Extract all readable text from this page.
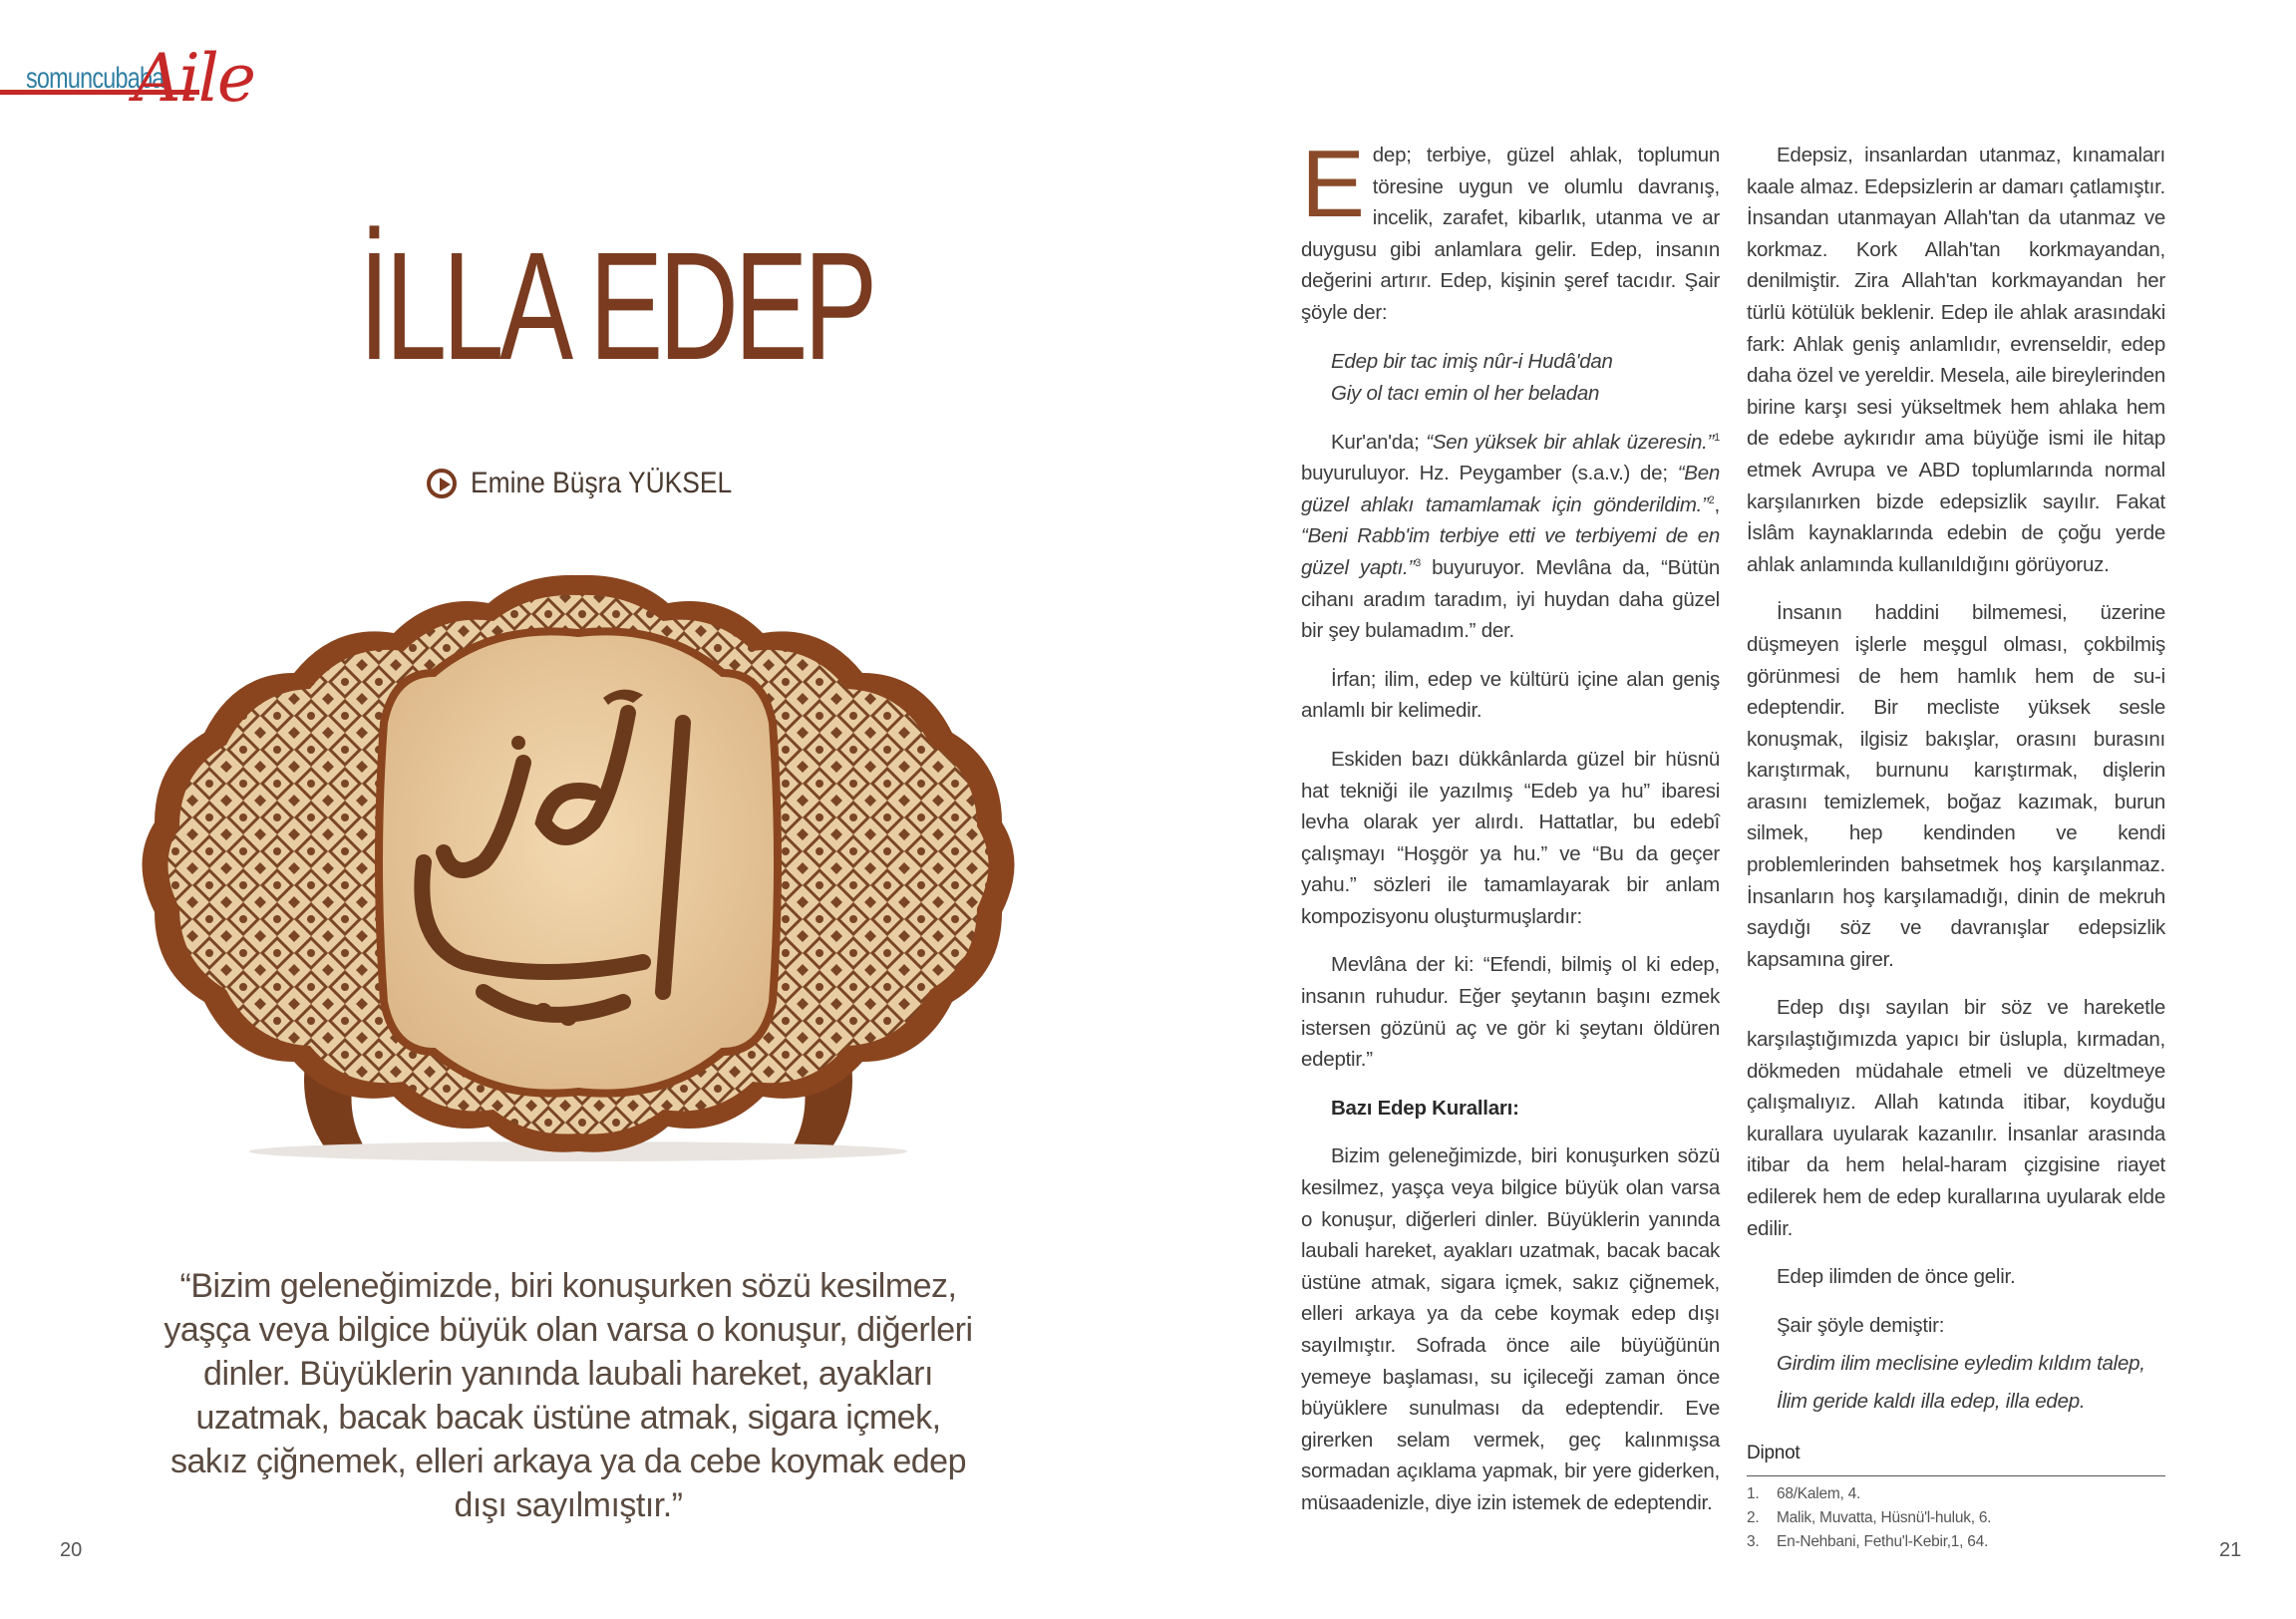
somuncubaba
Aile
İLLA EDEP
Emine Büşra YÜKSEL
“Bizim geleneğimizde, biri konuşurken sözü kesilmez, yaşça veya bilgice büyük olan varsa o konuşur, diğerleri dinler. Büyüklerin yanında laubali hareket, ayakları uzatmak, bacak bacak üstüne atmak, sigara içmek, sakız çiğnemek, elleri arkaya ya da cebe koymak edep dışı sayılmıştır.”
20	21

Edep; terbiye, güzel ahlak, toplumun töresine uygun ve olumlu davranış, incelik, zarafet, kibarlık, utanma ve ar duygusu gibi anlamlara gelir. Edep, insanın değerini artırır. Edep, kişinin şeref tacıdır. Şair şöyle der:

Edep bir tac imiş nûr-i Hudâ'dan
Giy ol tacı emin ol her beladan

Kur'an'da; “Sen yüksek bir ahlak üzeresin.”$^1$ buyuruluyor. Hz. Peygamber (s.a.v.) de; “Ben güzel ahlakı tamamlamak için gönderildim.”$^2$, “Beni Rabb'im terbiye etti ve terbiyemi de en güzel yaptı.”$^3$ buyuruyor. Mevlâna da, “Bütün cihanı aradım taradım, iyi huydan daha güzel bir şey bulamadım.” der.

İrfan; ilim, edep ve kültürü içine alan geniş anlamlı bir kelimedir.

Eskiden bazı dükkânlarda güzel bir hüsnü hat tekniği ile yazılmış “Edeb ya hu” ibaresi levha olarak yer alırdı. Hattatlar, bu edebî çalışmayı “Hoşgör ya hu.” ve “Bu da geçer yahu.” sözleri ile tamamlayarak bir anlam kompozisyonu oluşturmuşlardır:

Mevlâna der ki: “Efendi, bilmiş ol ki edep, insanın ruhudur. Eğer şeytanın başını ezmek istersen gözünü aç ve gör ki şeytanı öldüren edeptir.”

Bazı Edep Kuralları:

Bizim geleneğimizde, biri konuşurken sözü kesilmez, yaşça veya bilgice büyük olan varsa o konuşur, diğerleri dinler. Büyüklerin yanında laubali hareket, ayakları uzatmak, bacak bacak üstüne atmak, sigara içmek, sakız çiğnemek, elleri arkaya ya da cebe koymak edep dışı sayılmıştır. Sofrada önce aile büyüğünün yemeye başlaması, su içileceği zaman önce büyüklere sunulması da edeptendir. Eve girerken selam vermek, geç kalınmışsa sormadan açıklama yapmak, bir yere giderken, müsaadenizle, diye izin istemek de edeptendir.

Edepsiz, insanlardan utanmaz, kınamaları kaale almaz. Edepsizlerin ar damarı çatlamıştır. İnsandan utanmayan Allah'tan da utanmaz ve korkmaz. Kork Allah'tan korkmayandan, denilmiştir. Zira Allah'tan korkmayandan her türlü kötülük beklenir. Edep ile ahlak arasındaki fark: Ahlak geniş anlamlıdır, evrenseldir, edep daha özel ve yereldir. Mesela, aile bireylerinden birine karşı sesi yükseltmek hem ahlaka hem de edebe aykırıdır ama büyüğe ismi ile hitap etmek Avrupa ve ABD toplumlarında normal karşılanırken bizde edepsizlik sayılır. Fakat İslâm kaynaklarında edebin de çoğu yerde ahlak anlamında kullanıldığını görüyoruz.

İnsanın haddini bilmemesi, üzerine düşmeyen işlerle meşgul olması, çokbilmiş görünmesi de hem hamlık hem de su-i edeptendir. Bir mecliste yüksek sesle konuşmak, ilgisiz bakışlar, orasını burasını karıştırmak, burnunu karıştırmak, dişlerin arasını temizlemek, boğaz kazımak, burun silmek, hep kendinden ve kendi problemlerinden bahsetmek hoş karşılanmaz. İnsanların hoş karşılamadığı, dinin de mekruh saydığı söz ve davranışlar edepsizlik kapsamına girer.

Edep dışı sayılan bir söz ve hareketle karşılaştığımızda yapıcı bir üslupla, kırmadan, dökmeden müdahale etmeli ve düzeltmeye çalışmalıyız. Allah katında itibar, koyduğu kurallara uyularak kazanılır. İnsanlar arasında itibar da hem helal-haram çizgisine riayet edilerek hem de edep kurallarına uyularak elde edilir.

Edep ilimden de önce gelir.

Şair şöyle demiştir:

Girdim ilim meclisine eyledim kıldım talep,
İlim geride kaldı illa edep, illa edep.
Dipnot
1. 68/Kalem, 4.
2. Malik, Muvatta, Hüsnü'l-huluk, 6.
3. En-Nehbani, Fethu'l-Kebir,1, 64.
